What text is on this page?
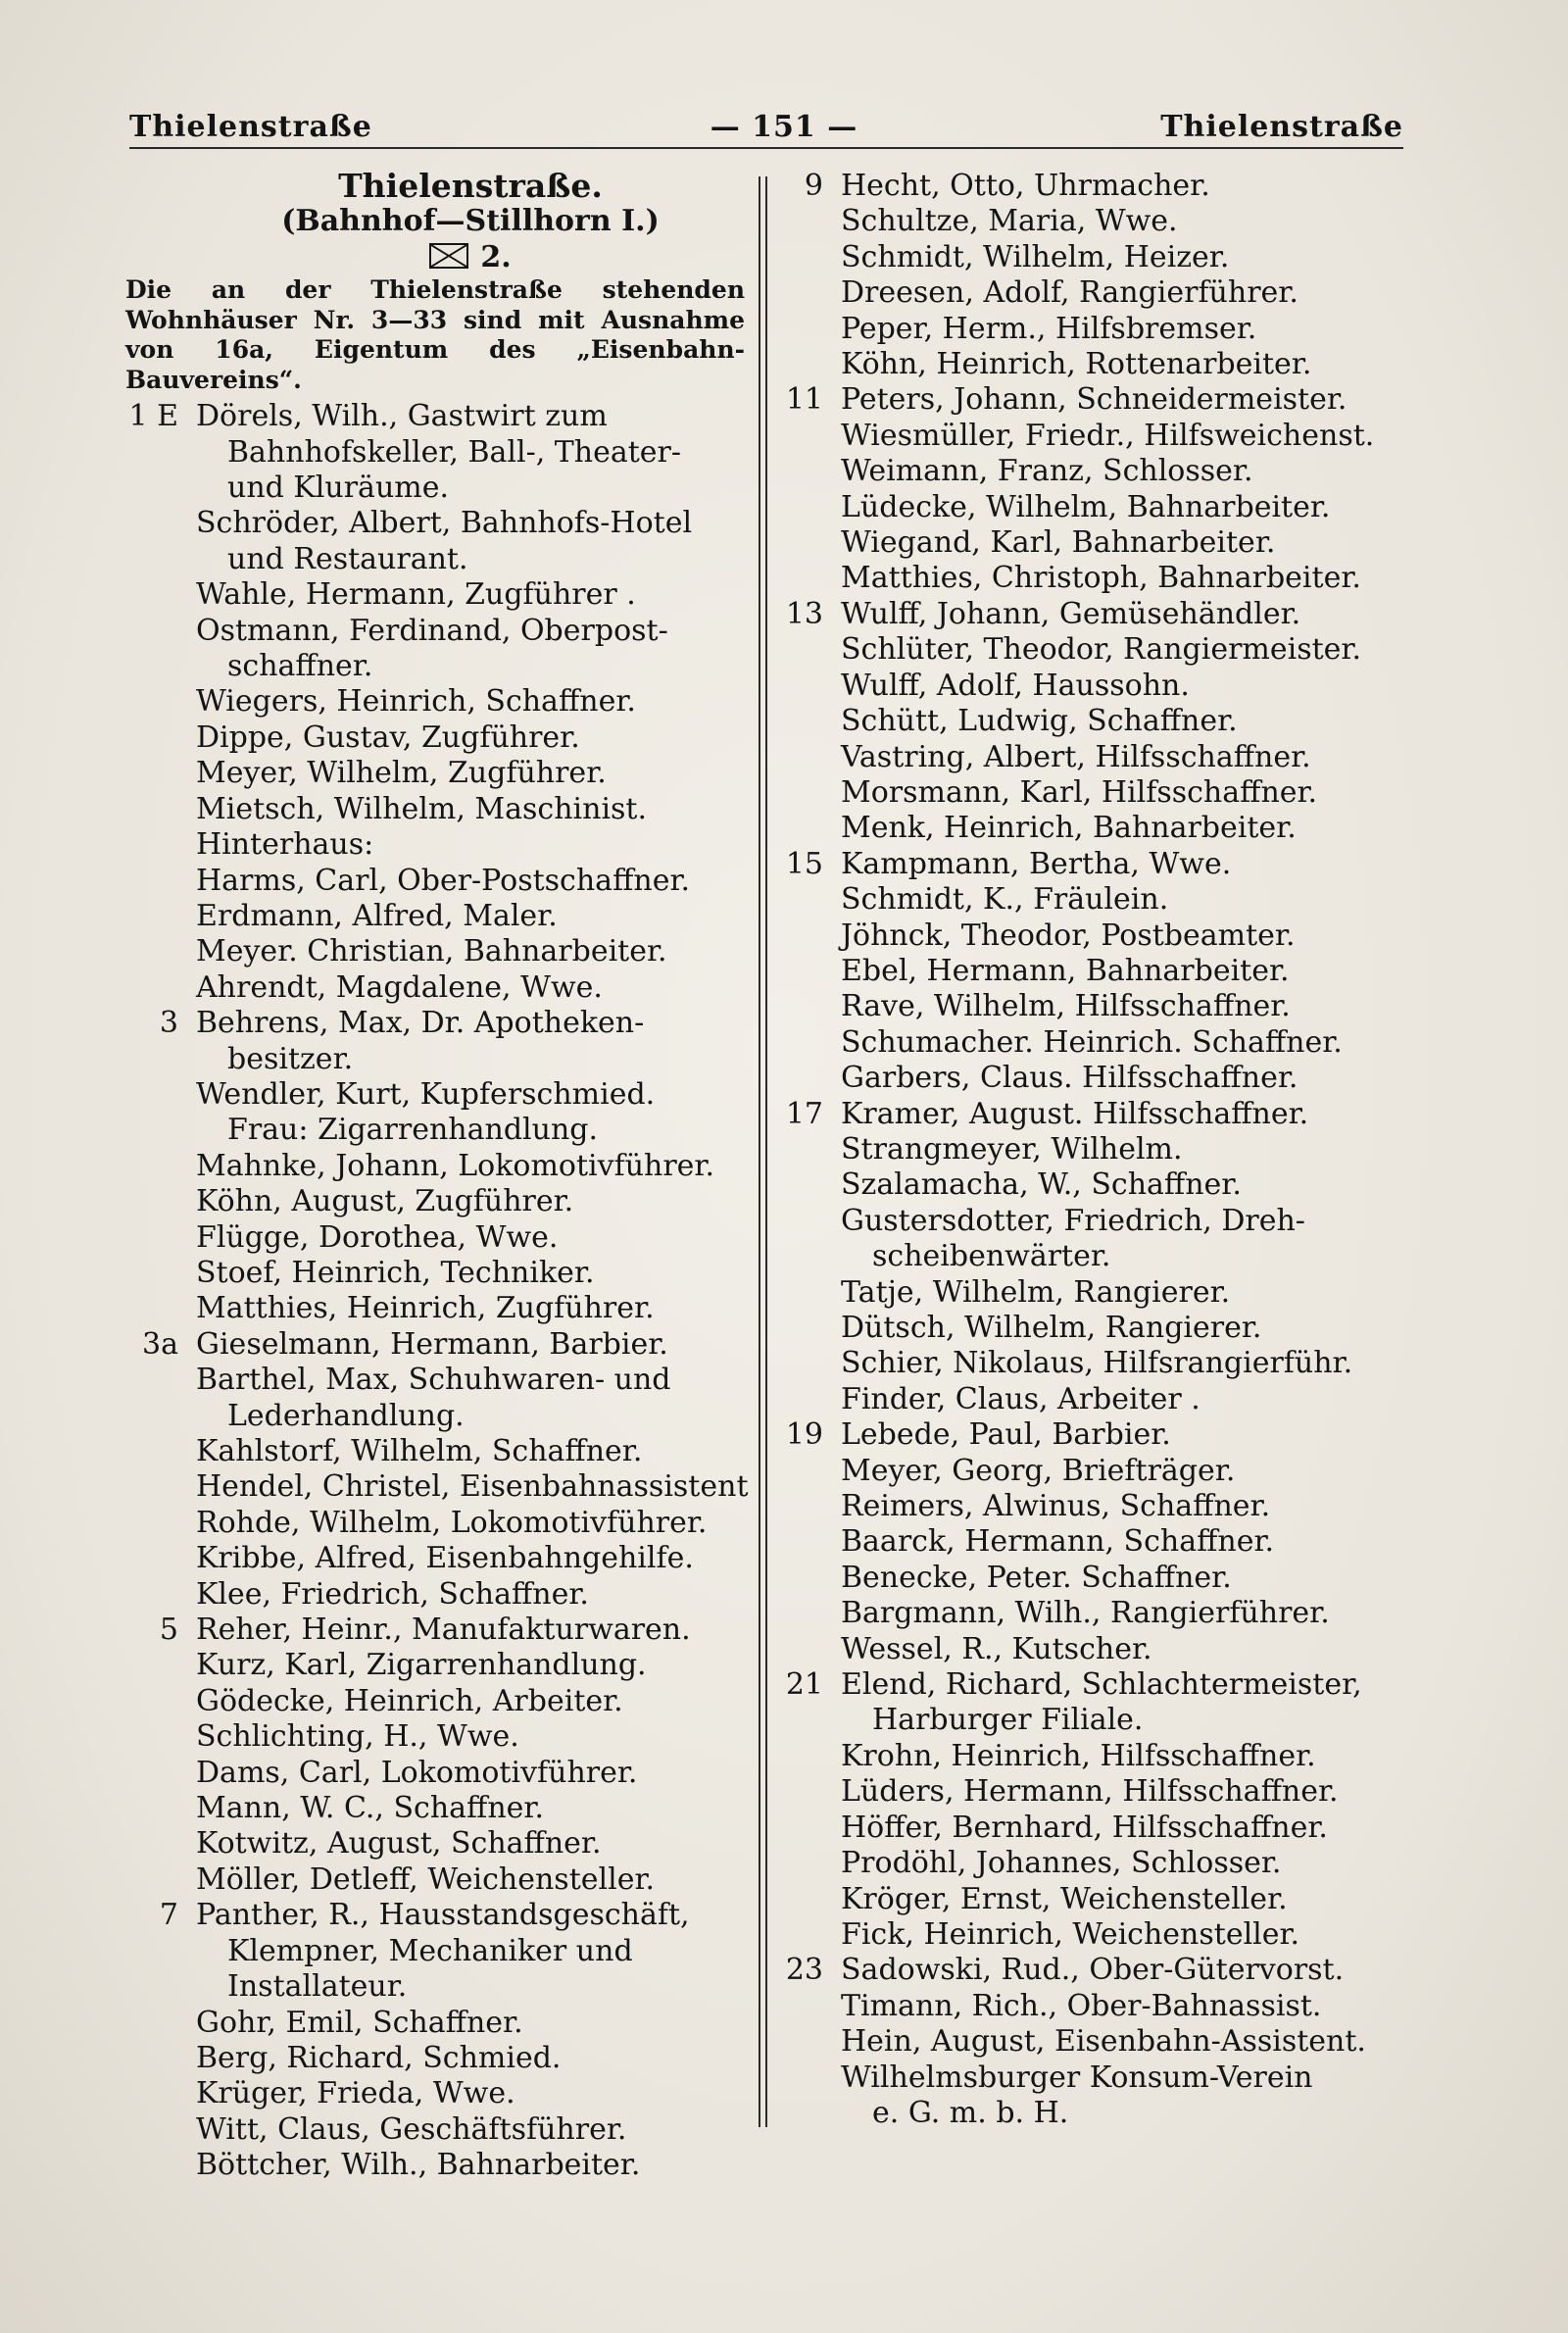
Thielenstraße	— 151 —	Thielenstraße
Thielenstraße.
(Bahnhof—Stillhorn I.)
2.
Die an der Thielenstraße stehenden Wohnhäuser Nr. 3—33 sind mit Ausnahme von 16a, Eigentum des „Eisenbahn-Bauvereins“.
1 E Dörels, Wilh., Gastwirt zum
Bahnhofskeller, Ball-, Theater-
und Kluräume.
Schröder, Albert, Bahnhofs-Hotel
und Restaurant.
Wahle, Hermann, Zugführer .
Ostmann, Ferdinand, Oberpost-
schaffner.
Wiegers, Heinrich, Schaffner.
Dippe, Gustav, Zugführer.
Meyer, Wilhelm, Zugführer.
Mietsch, Wilhelm, Maschinist.
Hinterhaus:
Harms, Carl, Ober-Postschaffner.
Erdmann, Alfred, Maler.
Meyer. Christian, Bahnarbeiter.
Ahrendt, Magdalene, Wwe.
3 Behrens, Max, Dr. Apotheken-
besitzer.
Wendler, Kurt, Kupferschmied.
Frau: Zigarrenhandlung.
Mahnke, Johann, Lokomotivführer.
Köhn, August, Zugführer.
Flügge, Dorothea, Wwe.
Stoef, Heinrich, Techniker.
Matthies, Heinrich, Zugführer.
3a Gieselmann, Hermann, Barbier.
Barthel, Max, Schuhwaren- und
Lederhandlung.
Kahlstorf, Wilhelm, Schaffner.
Hendel, Christel, Eisenbahnassistent
Rohde, Wilhelm, Lokomotivführer.
Kribbe, Alfred, Eisenbahngehilfe.
Klee, Friedrich, Schaffner.
5 Reher, Heinr., Manufakturwaren.
Kurz, Karl, Zigarrenhandlung.
Gödecke, Heinrich, Arbeiter.
Schlichting, H., Wwe.
Dams, Carl, Lokomotivführer.
Mann, W. C., Schaffner.
Kotwitz, August, Schaffner.
Möller, Detleff, Weichensteller.
7 Panther, R., Hausstandsgeschäft,
Klempner, Mechaniker und
Installateur.
Gohr, Emil, Schaffner.
Berg, Richard, Schmied.
Krüger, Frieda, Wwe.
Witt, Claus, Geschäftsführer.
Böttcher, Wilh., Bahnarbeiter.
9 Hecht, Otto, Uhrmacher.
Schultze, Maria, Wwe.
Schmidt, Wilhelm, Heizer.
Dreesen, Adolf, Rangierführer.
Peper, Herm., Hilfsbremser.
Köhn, Heinrich, Rottenarbeiter.
11 Peters, Johann, Schneidermeister.
Wiesmüller, Friedr., Hilfsweichenst.
Weimann, Franz, Schlosser.
Lüdecke, Wilhelm, Bahnarbeiter.
Wiegand, Karl, Bahnarbeiter.
Matthies, Christoph, Bahnarbeiter.
13 Wulff, Johann, Gemüsehändler.
Schlüter, Theodor, Rangiermeister.
Wulff, Adolf, Haussohn.
Schütt, Ludwig, Schaffner.
Vastring, Albert, Hilfsschaffner.
Morsmann, Karl, Hilfsschaffner.
Menk, Heinrich, Bahnarbeiter.
15 Kampmann, Bertha, Wwe.
Schmidt, K., Fräulein.
Jöhnck, Theodor, Postbeamter.
Ebel, Hermann, Bahnarbeiter.
Rave, Wilhelm, Hilfsschaffner.
Schumacher. Heinrich. Schaffner.
Garbers, Claus. Hilfsschaffner.
17 Kramer, August. Hilfsschaffner.
Strangmeyer, Wilhelm.
Szalamacha, W., Schaffner.
Gustersdotter, Friedrich, Dreh-
scheibenwärter.
Tatje, Wilhelm, Rangierer.
Dütsch, Wilhelm, Rangierer.
Schier, Nikolaus, Hilfsrangierführ.
Finder, Claus, Arbeiter .
19 Lebede, Paul, Barbier.
Meyer, Georg, Briefträger.
Reimers, Alwinus, Schaffner.
Baarck, Hermann, Schaffner.
Benecke, Peter. Schaffner.
Bargmann, Wilh., Rangierführer.
Wessel, R., Kutscher.
21 Elend, Richard, Schlachtermeister,
Harburger Filiale.
Krohn, Heinrich, Hilfsschaffner.
Lüders, Hermann, Hilfsschaffner.
Höffer, Bernhard, Hilfsschaffner.
Prodöhl, Johannes, Schlosser.
Kröger, Ernst, Weichensteller.
Fick, Heinrich, Weichensteller.
23 Sadowski, Rud., Ober-Gütervorst.
Timann, Rich., Ober-Bahnassist.
Hein, August, Eisenbahn-Assistent.
Wilhelmsburger Konsum-Verein
e. G. m. b. H.
